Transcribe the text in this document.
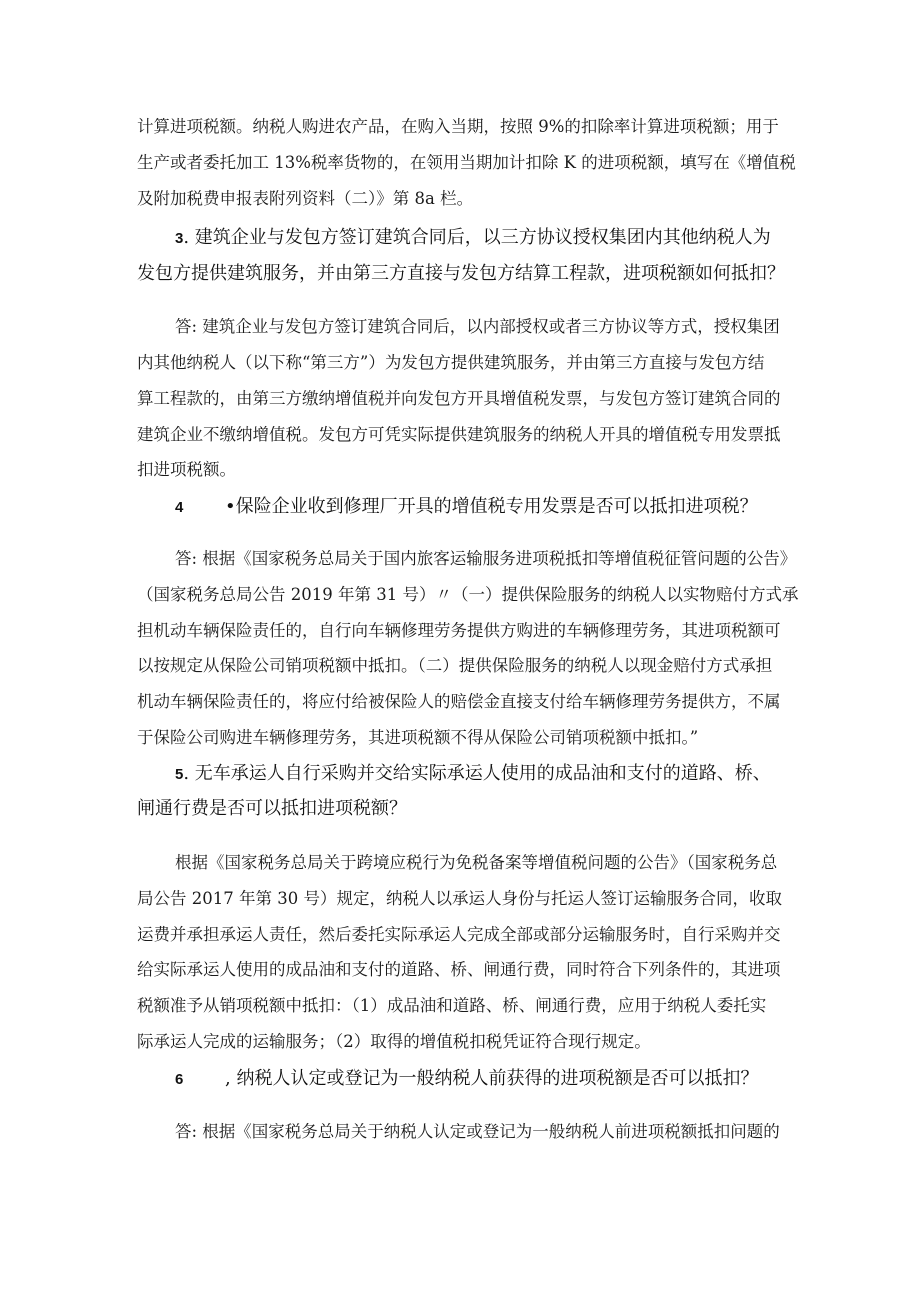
计算进项税额。纳税人购进农产品，在购入当期，按照 9%的扣除率计算进项税额；用于
生产或者委托加工 13%税率货物的，在领用当期加计扣除 K 的进项税额，填写在《增值税
及附加税费申报表附列资料（二）》第 8a 栏。
3. 建筑企业与发包方签订建筑合同后，以三方协议授权集团内其他纳税人为
发包方提供建筑服务，并由第三方直接与发包方结算工程款，进项税额如何抵扣？
答: 建筑企业与发包方签订建筑合同后，以内部授权或者三方协议等方式，授权集团
内其他纳税人（以下称“第三方”）为发包方提供建筑服务，并由第三方直接与发包方结
算工程款的，由第三方缴纳增值税并向发包方开具增值税发票，与发包方签订建筑合同的
建筑企业不缴纳增值税。发包方可凭实际提供建筑服务的纳税人开具的增值税专用发票抵
扣进项税额。
4 •保险企业收到修理厂开具的增值税专用发票是否可以抵扣进项税？
答: 根据《国家税务总局关于国内旅客运输服务进项税抵扣等增值税征管问题的公告》
（国家税务总局公告 2019 年第 31 号）〃（一）提供保险服务的纳税人以实物赔付方式承
担机动车辆保险责任的，自行向车辆修理劳务提供方购进的车辆修理劳务，其进项税额可
以按规定从保险公司销项税额中抵扣。（二）提供保险服务的纳税人以现金赔付方式承担
机动车辆保险责任的，将应付给被保险人的赔偿金直接支付给车辆修理劳务提供方，不属
于保险公司购进车辆修理劳务，其进项税额不得从保险公司销项税额中抵扣。”
5. 无车承运人自行采购并交给实际承运人使用的成品油和支付的道路、桥、
闸通行费是否可以抵扣进项税额？
根据《国家税务总局关于跨境应税行为免税备案等增值税问题的公告》（国家税务总
局公告 2017 年第 30 号）规定，纳税人以承运人身份与托运人签订运输服务合同，收取
运费并承担承运人责任，然后委托实际承运人完成全部或部分运输服务时，自行采购并交
给实际承运人使用的成品油和支付的道路、桥、闸通行费，同时符合下列条件的，其进项
税额准予从销项税额中抵扣：（1）成品油和道路、桥、闸通行费，应用于纳税人委托实
际承运人完成的运输服务；（2）取得的增值税扣税凭证符合现行规定。
6 , 纳税人认定或登记为一般纳税人前获得的进项税额是否可以抵扣？
答: 根据《国家税务总局关于纳税人认定或登记为一般纳税人前进项税额抵扣问题的
